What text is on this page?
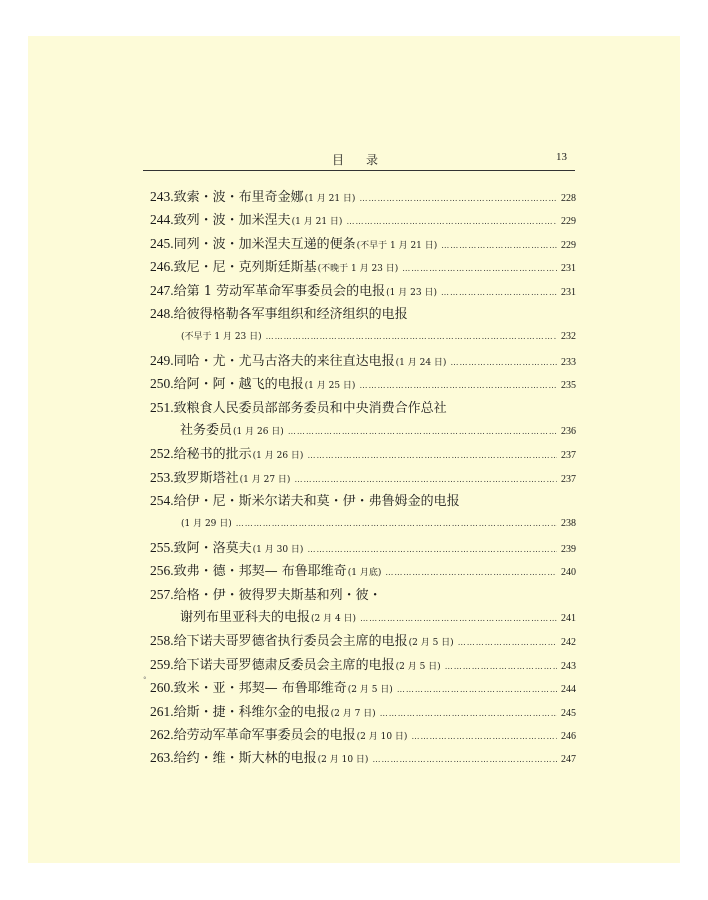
目录	13
°
243. 致索・波・布里奇金娜 (1 月 21 日) …………………………………………………………………………………………………………………………………………	228
244. 致列・波・加米涅夫 (1 月 21 日) …………………………………………………………………………………………………………………………………………	229
245. 同列・波・加米涅夫互递的便条 (不早于 1 月 21 日) …………………………………………………………………………………………………………………………………………	229
246. 致尼・尼・克列斯廷斯基 (不晚于 1 月 23 日) …………………………………………………………………………………………………………………………………………	231
247. 给第 1 劳动军革命军事委员会的电报 (1 月 23 日) …………………………………………………………………………………………………………………………………………	231
248. 给彼得格勒各军事组织和经济组织的电报
(不早于 1 月 23 日) …………………………………………………………………………………………………………………………………………	232
249. 同哈・尤・尤马古洛夫的来往直达电报 (1 月 24 日) …………………………………………………………………………………………………………………………………………	233
250. 给阿・阿・越飞的电报 (1 月 25 日) …………………………………………………………………………………………………………………………………………	235
251. 致粮食人民委员部部务委员和中央消费合作总社
社务委员 (1 月 26 日) …………………………………………………………………………………………………………………………………………	236
252. 给秘书的批示 (1 月 26 日) …………………………………………………………………………………………………………………………………………	237
253. 致罗斯塔社 (1 月 27 日) …………………………………………………………………………………………………………………………………………	237
254. 给伊・尼・斯米尔诺夫和莫・伊・弗鲁姆金的电报
(1 月 29 日) …………………………………………………………………………………………………………………………………………	238
255. 致阿・洛莫夫 (1 月 30 日) …………………………………………………………………………………………………………………………………………	239
256. 致弗・德・邦契— 布鲁耶维奇 (1 月底) …………………………………………………………………………………………………………………………………………	240
257. 给格・伊・彼得罗夫斯基和列・彼・
谢列布里亚科夫的电报 (2 月 4 日) …………………………………………………………………………………………………………………………………………	241
258. 给下诺夫哥罗德省执行委员会主席的电报 (2 月 5 日) …………………………………………………………………………………………………………………………………………	242
259. 给下诺夫哥罗德肃反委员会主席的电报 (2 月 5 日) …………………………………………………………………………………………………………………………………………	243
260. 致米・亚・邦契— 布鲁耶维奇 (2 月 5 日) …………………………………………………………………………………………………………………………………………	244
261. 给斯・捷・科维尔金的电报 (2 月 7 日) …………………………………………………………………………………………………………………………………………	245
262. 给劳动军革命军事委员会的电报 (2 月 10 日) …………………………………………………………………………………………………………………………………………	246
263. 给约・维・斯大林的电报 (2 月 10 日) …………………………………………………………………………………………………………………………………………	247
